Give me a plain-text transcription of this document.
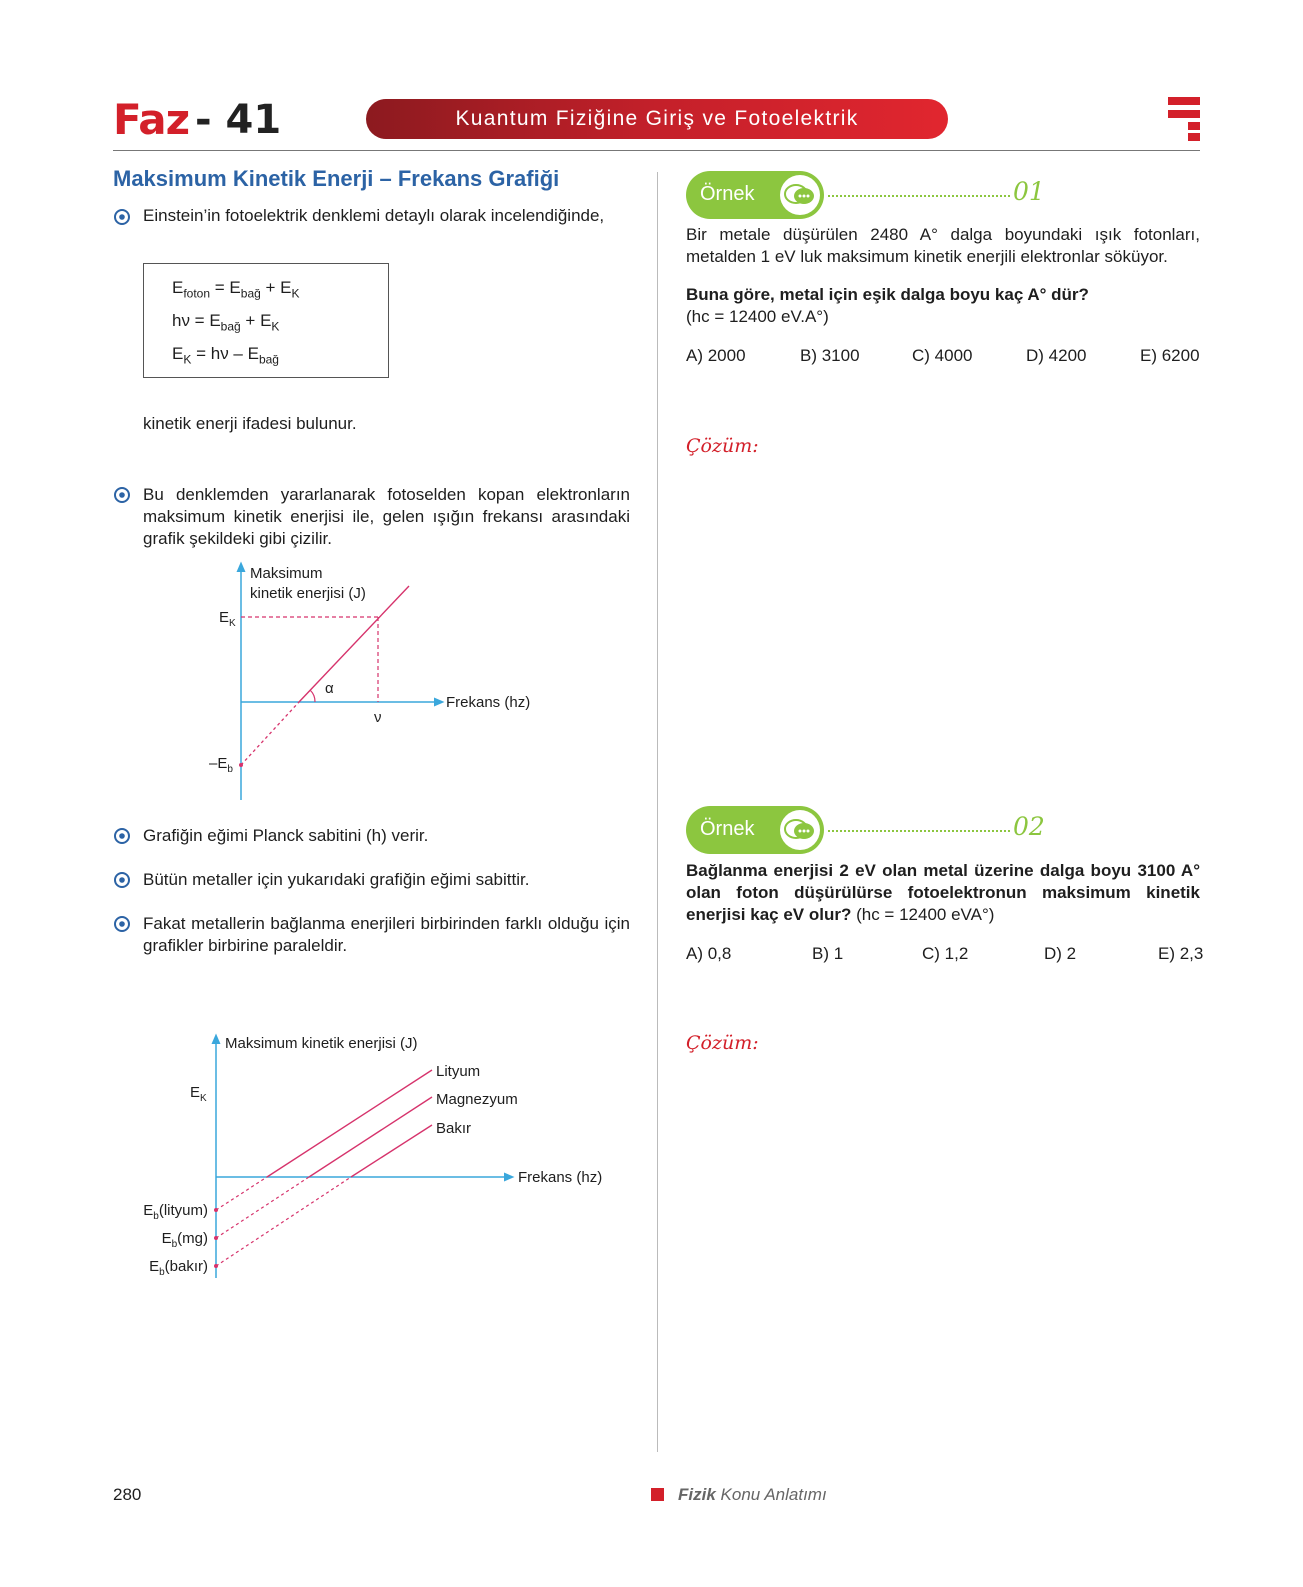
Faz - 41	Kuantum Fiziğine Giriş ve Fotoelektrik
Maksimum Kinetik Enerji – Frekans Grafiği
Einstein’in fotoelektrik denklemi detaylı olarak incelendiğinde,
$E_{foton} = E_{bağ} + E_K$
$h\nu = E_{bağ} + E_K$
$E_K = h\nu - E_{bağ}$
kinetik enerji ifadesi bulunur.
Bu denklemden yararlanarak fotoselden kopan elektronların maksimum kinetik enerjisi ile, gelen ışığın frekansı arasındaki grafik şekildeki gibi çizilir.
Maksimum
kinetik enerjisi (J)
Frekans (hz)
$E_K$
$-E_b$
α
ν
Grafiğin eğimi Planck sabitini (h) verir.
Bütün metaller için yukarıdaki grafiğin eğimi sabittir.
Fakat metallerin bağlanma enerjileri birbirinden farklı olduğu için grafikler birbirine paraleldir.
Maksimum kinetik enerjisi (J)
Frekans (hz)
$E_K$
Lityum
Magnezyum
Bakır
$E_b(lityum)$
$E_b(mg)$
$E_b(bakır)$
Örnek	01
Bir metale düşürülen 2480 A° dalga boyundaki ışık fotonları, metalden 1 eV luk maksimum kinetik enerjili elektronlar söküyor.
Buna göre, metal için eşik dalga boyu kaç A° dür?
(hc = 12400 eV.A°)
A) 2000	B) 3100	C) 4000	D) 4200	E) 6200
Çözüm:
Örnek	02
Bağlanma enerjisi 2 eV olan metal üzerine dalga boyu 3100 A° olan foton düşürülürse fotoelektronun maksimum kinetik enerjisi kaç eV olur? (hc = 12400 eVA°)
A) 0,8	B) 1	C) 1,2	D) 2	E) 2,3
Çözüm:
280	Fizik Konu Anlatımı
